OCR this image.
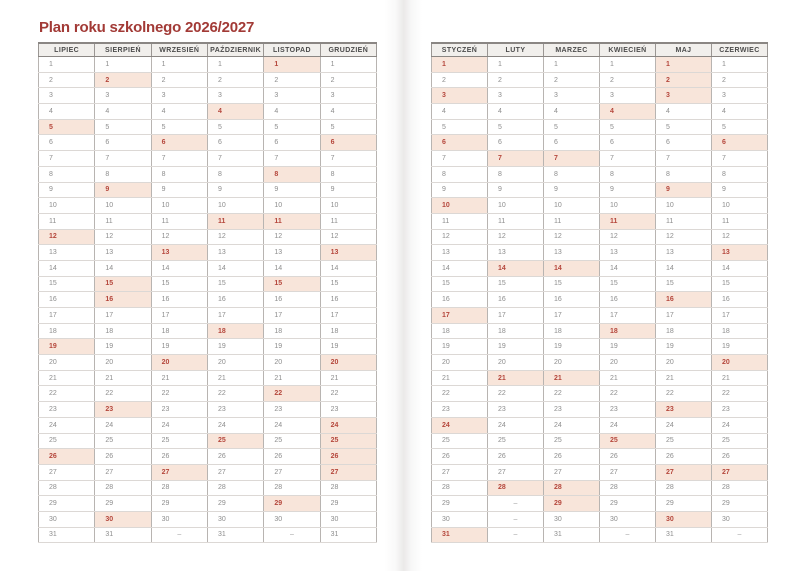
Plan roku szkolnego 2026/2027
LIPIEC	SIERPIEŃ	WRZESIEŃ	PAŹDZIERNIK	LISTOPAD	GRUDZIEŃ
1	1	1	1	1	1
2	2	2	2	2	2
3	3	3	3	3	3
4	4	4	4	4	4
5	5	5	5	5	5
6	6	6	6	6	6
7	7	7	7	7	7
8	8	8	8	8	8
9	9	9	9	9	9
10	10	10	10	10	10
11	11	11	11	11	11
12	12	12	12	12	12
13	13	13	13	13	13
14	14	14	14	14	14
15	15	15	15	15	15
16	16	16	16	16	16
17	17	17	17	17	17
18	18	18	18	18	18
19	19	19	19	19	19
20	20	20	20	20	20
21	21	21	21	21	21
22	22	22	22	22	22
23	23	23	23	23	23
24	24	24	24	24	24
25	25	25	25	25	25
26	26	26	26	26	26
27	27	27	27	27	27
28	28	28	28	28	28
29	29	29	29	29	29
30	30	30	30	30	30
31	31	–	31	–	31
STYCZEŃ	LUTY	MARZEC	KWIECIEŃ	MAJ	CZERWIEC
1	1	1	1	1	1
2	2	2	2	2	2
3	3	3	3	3	3
4	4	4	4	4	4
5	5	5	5	5	5
6	6	6	6	6	6
7	7	7	7	7	7
8	8	8	8	8	8
9	9	9	9	9	9
10	10	10	10	10	10
11	11	11	11	11	11
12	12	12	12	12	12
13	13	13	13	13	13
14	14	14	14	14	14
15	15	15	15	15	15
16	16	16	16	16	16
17	17	17	17	17	17
18	18	18	18	18	18
19	19	19	19	19	19
20	20	20	20	20	20
21	21	21	21	21	21
22	22	22	22	22	22
23	23	23	23	23	23
24	24	24	24	24	24
25	25	25	25	25	25
26	26	26	26	26	26
27	27	27	27	27	27
28	28	28	28	28	28
29	–	29	29	29	29
30	–	30	30	30	30
31	–	31	–	31	–
